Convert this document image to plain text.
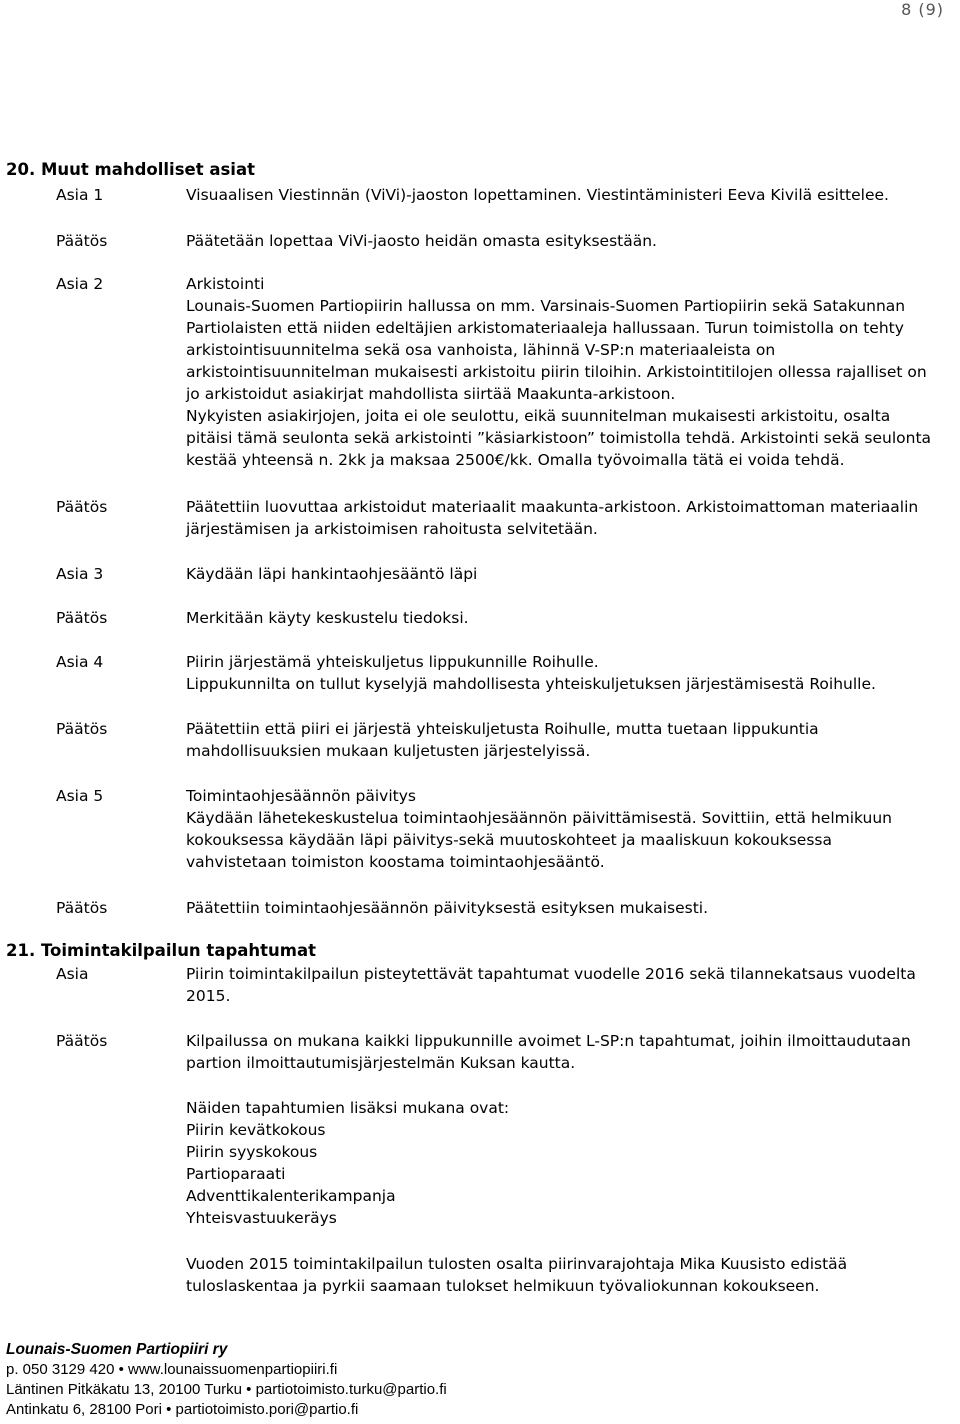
8 (9)
20. Muut mahdolliset asiat
Asia 1	Visuaalisen Viestinnän (ViVi)-jaoston lopettaminen. Viestintäministeri Eeva Kivilä esittelee.
Päätös	Päätetään lopettaa ViVi-jaosto heidän omasta esityksestään.
Asia 2	Arkistointi
Lounais-Suomen Partiopiirin hallussa on mm. Varsinais-Suomen Partiopiirin sekä Satakunnan
Partiolaisten että niiden edeltäjien arkistomateriaaleja hallussaan. Turun toimistolla on tehty
arkistointisuunnitelma sekä osa vanhoista, lähinnä V-SP:n materiaaleista on
arkistointisuunnitelman mukaisesti arkistoitu piirin tiloihin. Arkistointitilojen ollessa rajalliset on
jo arkistoidut asiakirjat mahdollista siirtää Maakunta-arkistoon.
Nykyisten asiakirjojen, joita ei ole seulottu, eikä suunnitelman mukaisesti arkistoitu, osalta
pitäisi tämä seulonta sekä arkistointi ”käsiarkistoon” toimistolla tehdä. Arkistointi sekä seulonta
kestää yhteensä n. 2kk ja maksaa 2500€/kk. Omalla työvoimalla tätä ei voida tehdä.
Päätös	Päätettiin luovuttaa arkistoidut materiaalit maakunta-arkistoon. Arkistoimattoman materiaalin
järjestämisen ja arkistoimisen rahoitusta selvitetään.
Asia 3	Käydään läpi hankintaohjesääntö läpi
Päätös	Merkitään käyty keskustelu tiedoksi.
Asia 4	Piirin järjestämä yhteiskuljetus lippukunnille Roihulle.
Lippukunnilta on tullut kyselyjä mahdollisesta yhteiskuljetuksen järjestämisestä Roihulle.
Päätös	Päätettiin että piiri ei järjestä yhteiskuljetusta Roihulle, mutta tuetaan lippukuntia
mahdollisuuksien mukaan kuljetusten järjestelyissä.
Asia 5	Toimintaohjesäännön päivitys
Käydään lähetekeskustelua toimintaohjesäännön päivittämisestä. Sovittiin, että helmikuun
kokouksessa käydään läpi päivitys-sekä muutoskohteet ja maaliskuun kokouksessa
vahvistetaan toimiston koostama toimintaohjesääntö.
Päätös	Päätettiin toimintaohjesäännön päivityksestä esityksen mukaisesti.
21. Toimintakilpailun tapahtumat
Asia	Piirin toimintakilpailun pisteytettävät tapahtumat vuodelle 2016 sekä tilannekatsaus vuodelta
2015.
Päätös	Kilpailussa on mukana kaikki lippukunnille avoimet L-SP:n tapahtumat, joihin ilmoittaudutaan
partion ilmoittautumisjärjestelmän Kuksan kautta.
Näiden tapahtumien lisäksi mukana ovat:
Piirin kevätkokous
Piirin syyskokous
Partioparaati
Adventtikalenterikampanja
Yhteisvastuukeräys
Vuoden 2015 toimintakilpailun tulosten osalta piirinvarajohtaja Mika Kuusisto edistää
tuloslaskentaa ja pyrkii saamaan tulokset helmikuun työvaliokunnan kokoukseen.
Lounais-Suomen Partiopiiri ry
p. 050 3129 420 • www.lounaissuomenpartiopiiri.fi
Läntinen Pitkäkatu 13, 20100 Turku • partiotoimisto.turku@partio.fi
Antinkatu 6, 28100 Pori • partiotoimisto.pori@partio.fi
